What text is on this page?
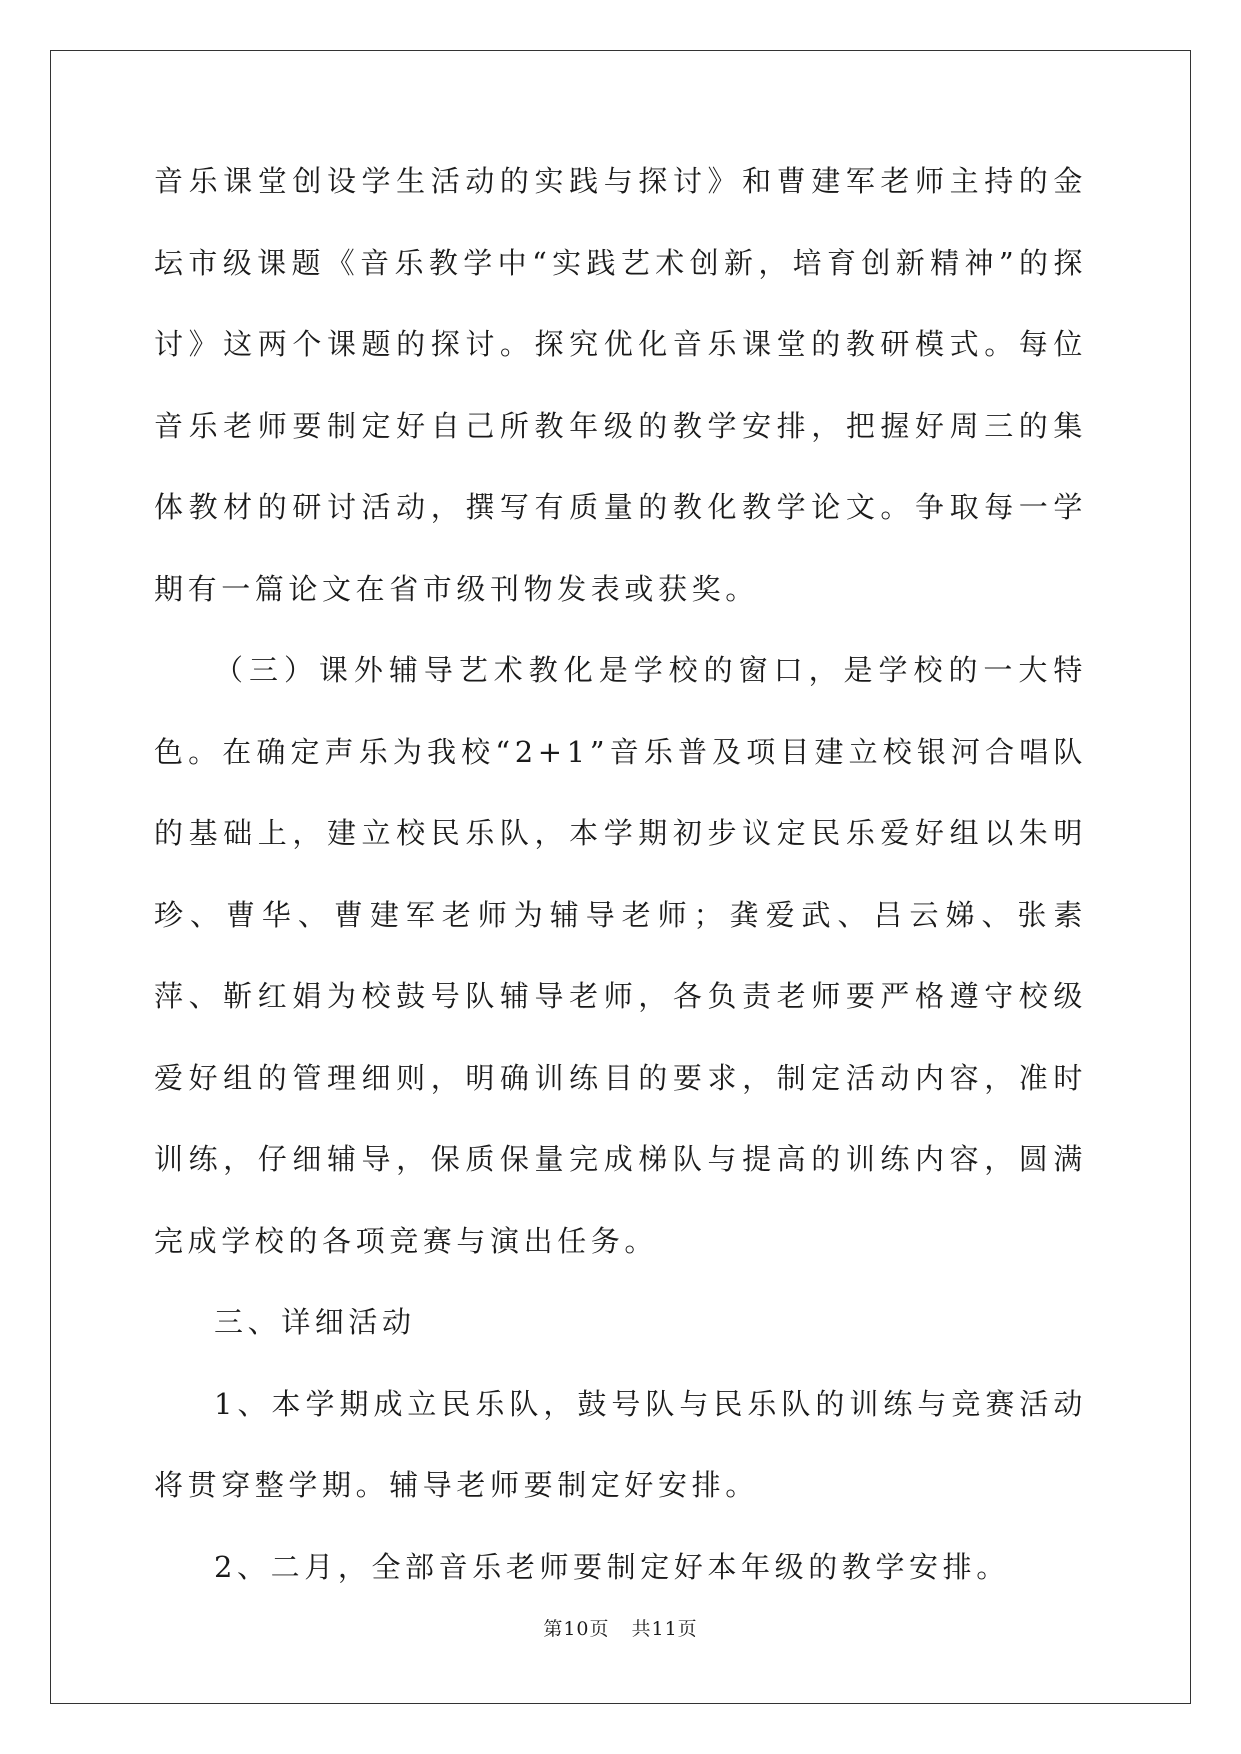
音乐课堂创设学生活动的实践与探讨》和曹建军老师主持的金坛市级课题《音乐教学中“实践艺术创新，培育创新精神”的探讨》这两个课题的探讨。探究优化音乐课堂的教研模式。每位音乐老师要制定好自己所教年级的教学安排，把握好周三的集体教材的研讨活动，撰写有质量的教化教学论文。争取每一学期有一篇论文在省市级刊物发表或获奖。

（三）课外辅导艺术教化是学校的窗口，是学校的一大特色。在确定声乐为我校“2+1”音乐普及项目建立校银河合唱队的基础上，建立校民乐队，本学期初步议定民乐爱好组以朱明珍、曹华、曹建军老师为辅导老师；龚爱武、吕云娣、张素萍、靳红娟为校鼓号队辅导老师，各负责老师要严格遵守校级爱好组的管理细则，明确训练目的要求，制定活动内容，准时训练，仔细辅导，保质保量完成梯队与提高的训练内容，圆满完成学校的各项竞赛与演出任务。

三、详细活动

1、本学期成立民乐队，鼓号队与民乐队的训练与竞赛活动将贯穿整学期。辅导老师要制定好安排。

2、二月，全部音乐老师要制定好本年级的教学安排。

第10页 共11页
